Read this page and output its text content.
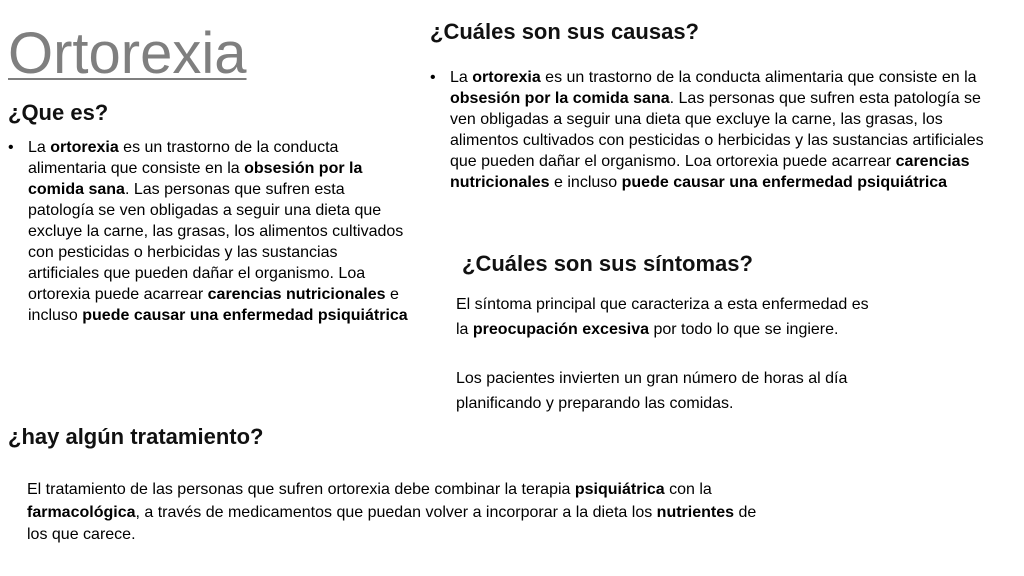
Ortorexia
¿Que es?
• La ortorexia es un trastorno de la conducta alimentaria que consiste en la obsesión por la comida sana. Las personas que sufren esta patología se ven obligadas a seguir una dieta que excluye la carne, las grasas, los alimentos cultivados con pesticidas o herbicidas y las sustancias artificiales que pueden dañar el organismo. Loa ortorexia puede acarrear carencias nutricionales e incluso puede causar una enfermedad psiquiátrica

¿Cuáles son sus causas?
• La ortorexia es un trastorno de la conducta alimentaria que consiste en la obsesión por la comida sana. Las personas que sufren esta patología se ven obligadas a seguir una dieta que excluye la carne, las grasas, los alimentos cultivados con pesticidas o herbicidas y las sustancias artificiales que pueden dañar el organismo. Loa ortorexia puede acarrear carencias nutricionales e incluso puede causar una enfermedad psiquiátrica

¿Cuáles son sus síntomas?

El síntoma principal que caracteriza a esta enfermedad es la preocupación excesiva por todo lo que se ingiere.

Los pacientes invierten un gran número de horas al día planificando y preparando las comidas.

¿hay algún tratamiento?

El tratamiento de las personas que sufren ortorexia debe combinar la terapia psiquiátrica con la farmacológica, a través de medicamentos que puedan volver a incorporar a la dieta los nutrientes de los que carece.
